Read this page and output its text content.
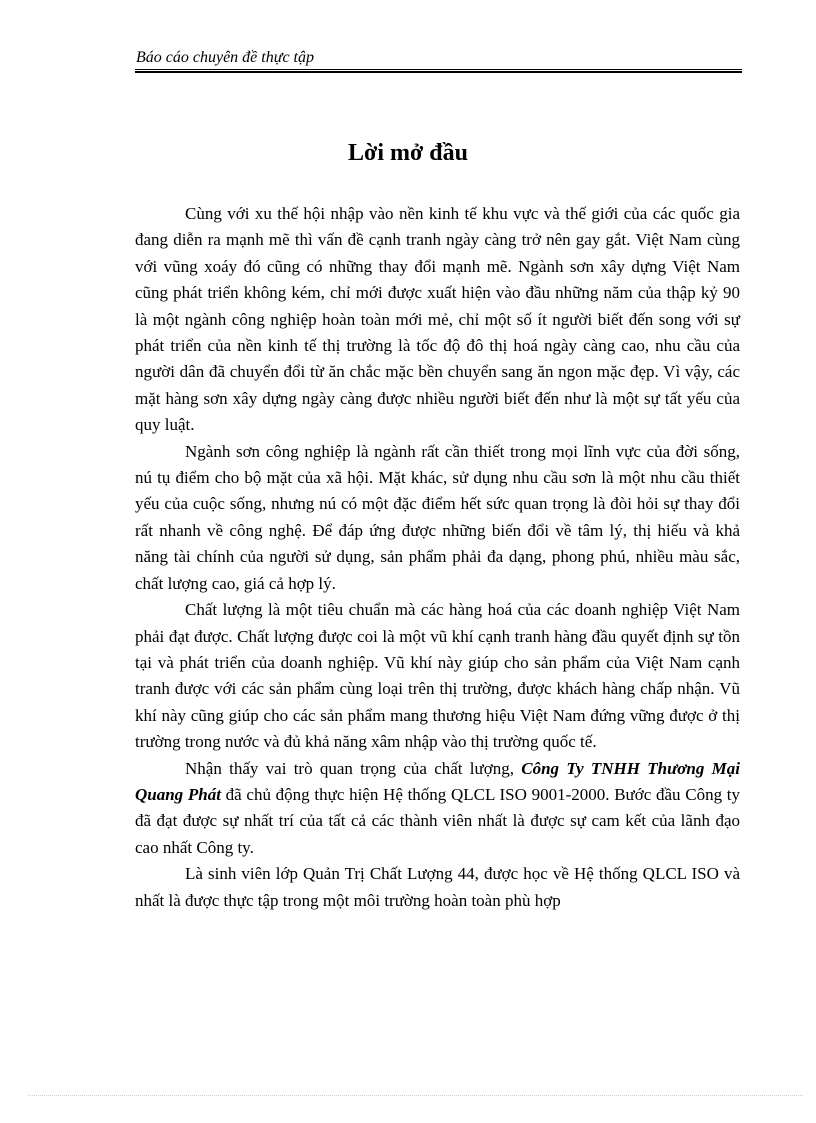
Báo cáo chuyên đề thực tập

Lời mở đầu

Cùng với xu thế hội nhập vào nền kinh tế khu vực và thế giới của các quốc gia đang diễn ra mạnh mẽ thì vấn đề cạnh tranh ngày càng trở nên gay gắt. Việt Nam cùng với vũng xoáy đó cũng có những thay đổi mạnh mẽ. Ngành sơn xây dựng Việt Nam cũng phát triển không kém, chỉ mới được xuất hiện vào đầu những năm của thập kỷ 90 là một ngành công nghiệp hoàn toàn mới mẻ, chỉ một số ít người biết đến song với sự phát triển của nền kinh tế thị trường là tốc độ đô thị hoá ngày càng cao, nhu cầu của người dân đã chuyển đổi từ ăn chắc mặc bền chuyển sang ăn ngon mặc đẹp. Vì vậy, các mặt hàng sơn xây dựng ngày càng được nhiều người biết đến như là một sự tất yếu của quy luật.

Ngành sơn công nghiệp là ngành rất cần thiết trong mọi lĩnh vực của đời sống, nú tụ điểm cho bộ mặt của xã hội. Mặt khác, sử dụng nhu cầu sơn là một nhu cầu thiết yếu của cuộc sống, nhưng nú có một đặc điểm hết sức quan trọng là đòi hỏi sự thay đổi rất nhanh về công nghệ. Để đáp ứng được những biến đổi về tâm lý, thị hiếu và khả năng tài chính của người sử dụng, sản phẩm phải đa dạng, phong phú, nhiều màu sắc, chất lượng cao, giá cả hợp lý.

Chất lượng là một tiêu chuẩn mà các hàng hoá của các doanh nghiệp Việt Nam phải đạt được. Chất lượng được coi là một vũ khí cạnh tranh hàng đầu quyết định sự tồn tại và phát triển của doanh nghiệp. Vũ khí này giúp cho sản phẩm của Việt Nam cạnh tranh được với các sản phẩm cùng loại trên thị trường, được khách hàng chấp nhận. Vũ khí này cũng giúp cho các sản phẩm mang thương hiệu Việt Nam đứng vững được ở thị trường trong nước và đủ khả năng xâm nhập vào thị trường quốc tế.

Nhận thấy vai trò quan trọng của chất lượng, Công Ty TNHH Thương Mại Quang Phát đã chủ động thực hiện Hệ thống QLCL ISO 9001-2000. Bước đầu Công ty đã đạt được sự nhất trí của tất cả các thành viên nhất là được sự cam kết của lãnh đạo cao nhất Công ty.

Là sinh viên lớp Quản Trị Chất Lượng 44, được học về Hệ thống QLCL ISO và nhất là được thực tập trong một môi trường hoàn toàn phù hợp
